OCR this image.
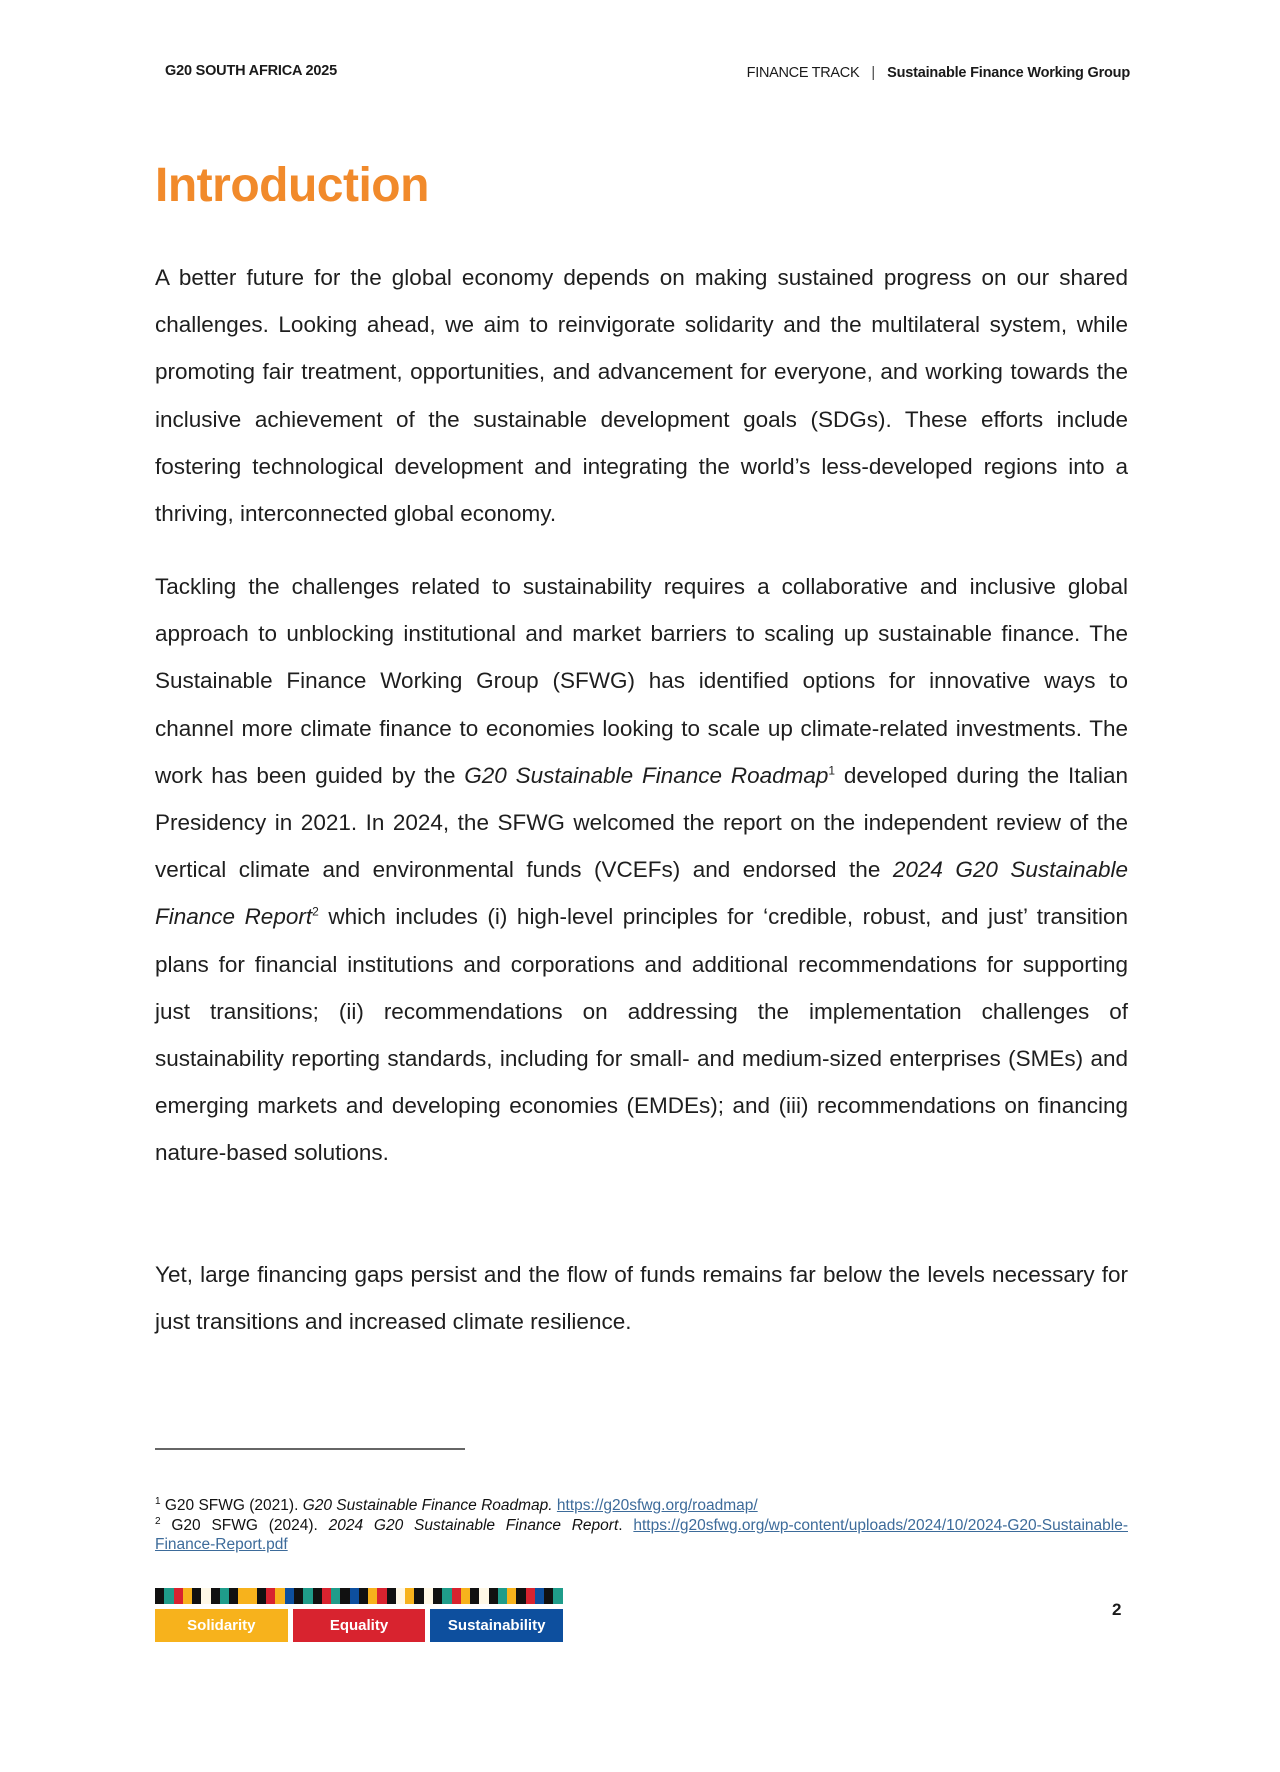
G20 SOUTH AFRICA 2025	FINANCE TRACK | Sustainable Finance Working Group
Introduction

A better future for the global economy depends on making sustained progress on our shared challenges. Looking ahead, we aim to reinvigorate solidarity and the multilateral system, while promoting fair treatment, opportunities, and advancement for everyone, and working towards the inclusive achievement of the sustainable development goals (SDGs). These efforts include fostering technological development and integrating the world’s less-developed regions into a thriving, interconnected global economy.

Tackling the challenges related to sustainability requires a collaborative and inclusive global approach to unblocking institutional and market barriers to scaling up sustainable finance. The Sustainable Finance Working Group (SFWG) has identified options for innovative ways to channel more climate finance to economies looking to scale up climate-related investments. The work has been guided by the G20 Sustainable Finance Roadmap$^1$ developed during the Italian Presidency in 2021. In 2024, the SFWG welcomed the report on the independent review of the vertical climate and environmental funds (VCEFs) and endorsed the 2024 G20 Sustainable Finance Report$^2$ which includes (i) high-level principles for ‘credible, robust, and just’ transition plans for financial institutions and corporations and additional recommendations for supporting just transitions; (ii) recommendations on addressing the implementation challenges of sustainability reporting standards, including for small- and medium-sized enterprises (SMEs) and emerging markets and developing economies (EMDEs); and (iii) recommendations on financing nature-based solutions.

Yet, large financing gaps persist and the flow of funds remains far below the levels necessary for just transitions and increased climate resilience.

$^1$ G20 SFWG (2021). G20 Sustainable Finance Roadmap. https://g20sfwg.org/roadmap/

$^2$ G20 SFWG (2024). 2024 G20 Sustainable Finance Report. https://g20sfwg.org/wp-content/uploads/2024/10/2024-G20-Sustainable-Finance-Report.pdf

Solidarity	Equality	Sustainability
2
